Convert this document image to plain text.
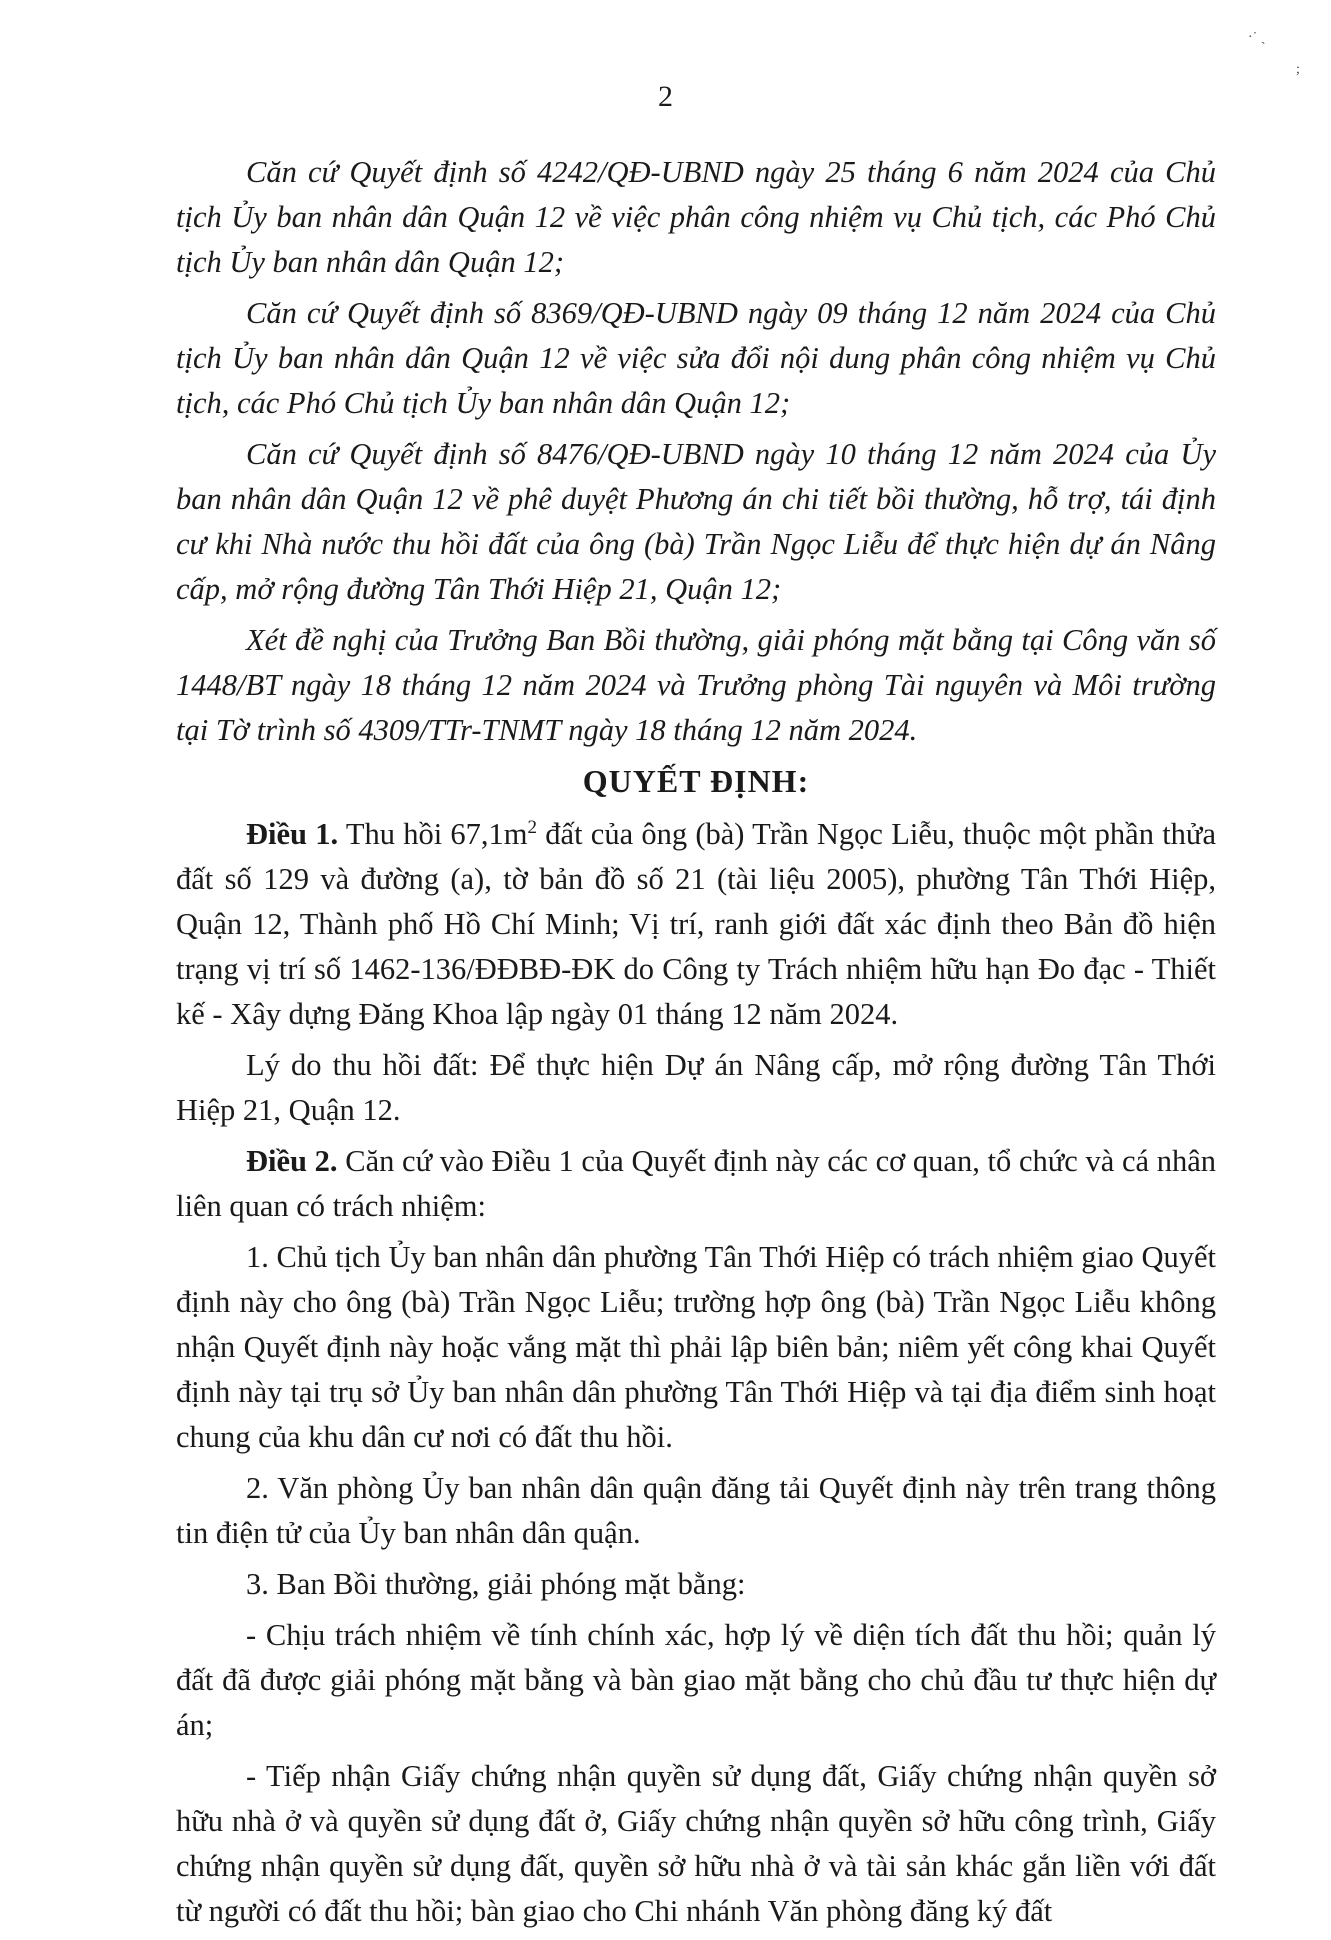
·˙ ˎ
;
2

Căn cứ Quyết định số 4242/QĐ-UBND ngày 25 tháng 6 năm 2024 của Chủ tịch Ủy ban nhân dân Quận 12 về việc phân công nhiệm vụ Chủ tịch, các Phó Chủ tịch Ủy ban nhân dân Quận 12;

Căn cứ Quyết định số 8369/QĐ-UBND ngày 09 tháng 12 năm 2024 của Chủ tịch Ủy ban nhân dân Quận 12 về việc sửa đổi nội dung phân công nhiệm vụ Chủ tịch, các Phó Chủ tịch Ủy ban nhân dân Quận 12;

Căn cứ Quyết định số 8476/QĐ-UBND ngày 10 tháng 12 năm 2024 của Ủy ban nhân dân Quận 12 về phê duyệt Phương án chi tiết bồi thường, hỗ trợ, tái định cư khi Nhà nước thu hồi đất của ông (bà) Trần Ngọc Liễu để thực hiện dự án Nâng cấp, mở rộng đường Tân Thới Hiệp 21, Quận 12;

Xét đề nghị của Trưởng Ban Bồi thường, giải phóng mặt bằng tại Công văn số 1448/BT ngày 18 tháng 12 năm 2024 và Trưởng phòng Tài nguyên và Môi trường tại Tờ trình số 4309/TTr-TNMT ngày 18 tháng 12 năm 2024.

QUYẾT ĐỊNH:

Điều 1. Thu hồi $67,1m^2$ đất của ông (bà) Trần Ngọc Liễu, thuộc một phần thửa đất số 129 và đường (a), tờ bản đồ số 21 (tài liệu 2005), phường Tân Thới Hiệp, Quận 12, Thành phố Hồ Chí Minh; Vị trí, ranh giới đất xác định theo Bản đồ hiện trạng vị trí số 1462-136/ĐĐBĐ-ĐK do Công ty Trách nhiệm hữu hạn Đo đạc - Thiết kế - Xây dựng Đăng Khoa lập ngày 01 tháng 12 năm 2024.

Lý do thu hồi đất: Để thực hiện Dự án Nâng cấp, mở rộng đường Tân Thới Hiệp 21, Quận 12.

Điều 2. Căn cứ vào Điều 1 của Quyết định này các cơ quan, tổ chức và cá nhân liên quan có trách nhiệm:

1. Chủ tịch Ủy ban nhân dân phường Tân Thới Hiệp có trách nhiệm giao Quyết định này cho ông (bà) Trần Ngọc Liễu; trường hợp ông (bà) Trần Ngọc Liễu không nhận Quyết định này hoặc vắng mặt thì phải lập biên bản; niêm yết công khai Quyết định này tại trụ sở Ủy ban nhân dân phường Tân Thới Hiệp và tại địa điểm sinh hoạt chung của khu dân cư nơi có đất thu hồi.

2. Văn phòng Ủy ban nhân dân quận đăng tải Quyết định này trên trang thông tin điện tử của Ủy ban nhân dân quận.

3. Ban Bồi thường, giải phóng mặt bằng:

- Chịu trách nhiệm về tính chính xác, hợp lý về diện tích đất thu hồi; quản lý đất đã được giải phóng mặt bằng và bàn giao mặt bằng cho chủ đầu tư thực hiện dự án;

- Tiếp nhận Giấy chứng nhận quyền sử dụng đất, Giấy chứng nhận quyền sở hữu nhà ở và quyền sử dụng đất ở, Giấy chứng nhận quyền sở hữu công trình, Giấy chứng nhận quyền sử dụng đất, quyền sở hữu nhà ở và tài sản khác gắn liền với đất từ người có đất thu hồi; bàn giao cho Chi nhánh Văn phòng đăng ký đất
